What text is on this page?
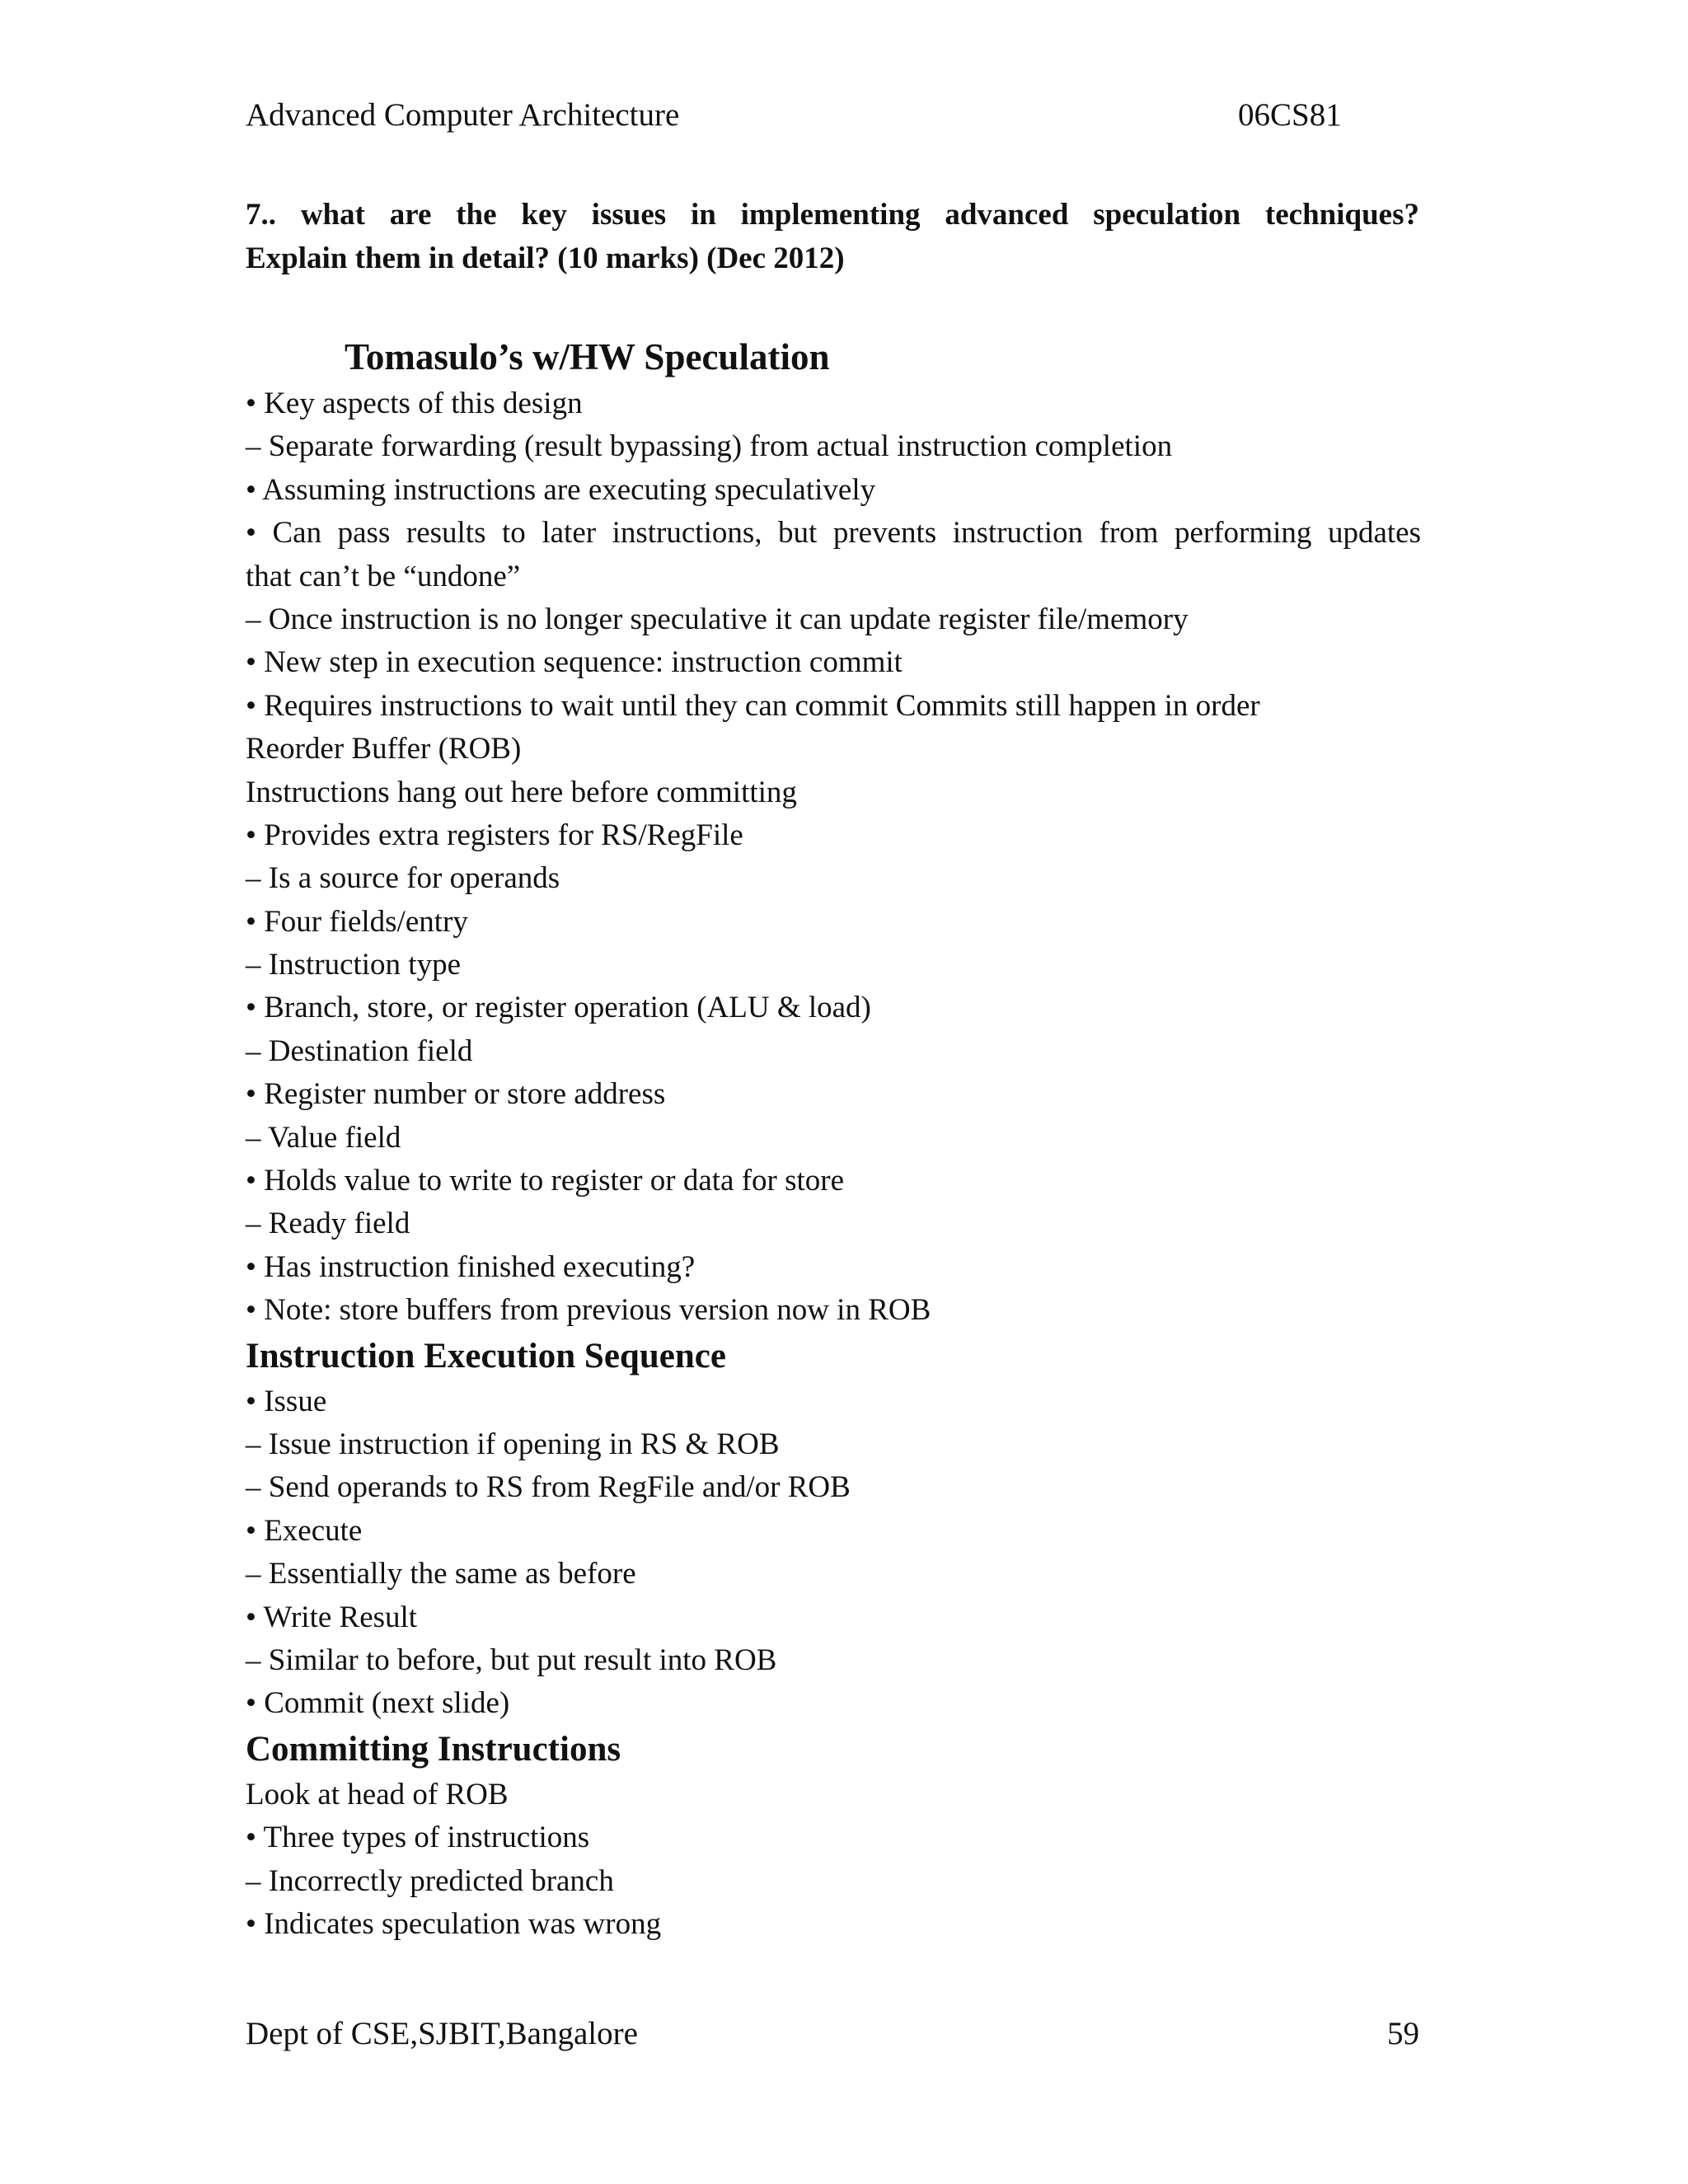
Advanced Computer Architecture	06CS81
7.. what are the key issues in implementing advanced speculation techniques?
Explain them in detail? (10 marks) (Dec 2012)
Tomasulo’s w/HW Speculation
• Key aspects of this design
– Separate forwarding (result bypassing) from actual instruction completion
• Assuming instructions are executing speculatively
• Can pass results to later instructions, but prevents instruction from performing updates
that can’t be “undone”
– Once instruction is no longer speculative it can update register file/memory
• New step in execution sequence: instruction commit
• Requires instructions to wait until they can commit Commits still happen in order
Reorder Buffer (ROB)
Instructions hang out here before committing
• Provides extra registers for RS/RegFile
– Is a source for operands
• Four fields/entry
– Instruction type
• Branch, store, or register operation (ALU & load)
– Destination field
• Register number or store address
– Value field
• Holds value to write to register or data for store
– Ready field
• Has instruction finished executing?
• Note: store buffers from previous version now in ROB
Instruction Execution Sequence
• Issue
– Issue instruction if opening in RS & ROB
– Send operands to RS from RegFile and/or ROB
• Execute
– Essentially the same as before
• Write Result
– Similar to before, but put result into ROB
• Commit (next slide)
Committing Instructions
Look at head of ROB
• Three types of instructions
– Incorrectly predicted branch
• Indicates speculation was wrong
Dept of CSE,SJBIT,Bangalore	59
